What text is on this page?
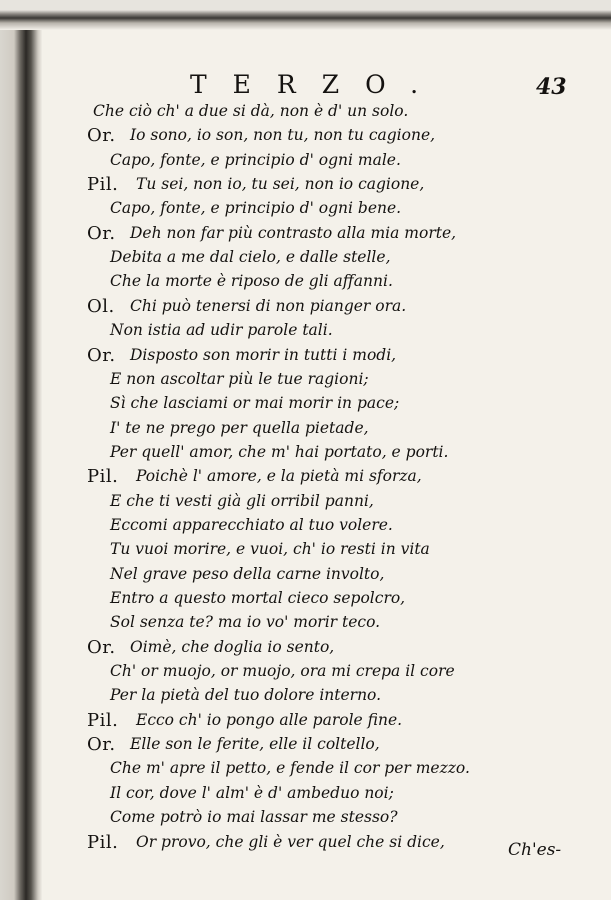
TERZO.	43
Che ciò ch' a due si dà, non è d' un solo.
Or. Io sono, io son, non tu, non tu cagione,
Capo, fonte, e principio d' ogni male.
Pil. Tu sei, non io, tu sei, non io cagione,
Capo, fonte, e principio d' ogni bene.
Or. Deh non far più contrasto alla mia morte,
Debita a me dal cielo, e dalle stelle,
Che la morte è riposo de gli affanni.
Ol. Chi può tenersi di non pianger ora.
Non istia ad udir parole tali.
Or. Disposto son morir in tutti i modi,
E non ascoltar più le tue ragioni;
Sì che lasciami or mai morir in pace;
I' te ne prego per quella pietade,
Per quell' amor, che m' hai portato, e porti.
Pil. Poichè l' amore, e la pietà mi sforza,
E che ti vesti già gli orribil panni,
Eccomi apparecchiato al tuo volere.
Tu vuoi morire, e vuoi, ch' io resti in vita
Nel grave peso della carne involto,
Entro a questo mortal cieco sepolcro,
Sol senza te? ma io vo' morir teco.
Or. Oimè, che doglia io sento,
Ch' or muojo, or muojo, ora mi crepa il core
Per la pietà del tuo dolore interno.
Pil. Ecco ch' io pongo alle parole fine.
Or. Elle son le ferite, elle il coltello,
Che m' apre il petto, e fende il cor per mezzo.
Il cor, dove l' alm' è d' ambeduo noi;
Come potrò io mai lassar me stesso?
Pil. Or provo, che gli è ver quel che si dice,	Ch'es-
